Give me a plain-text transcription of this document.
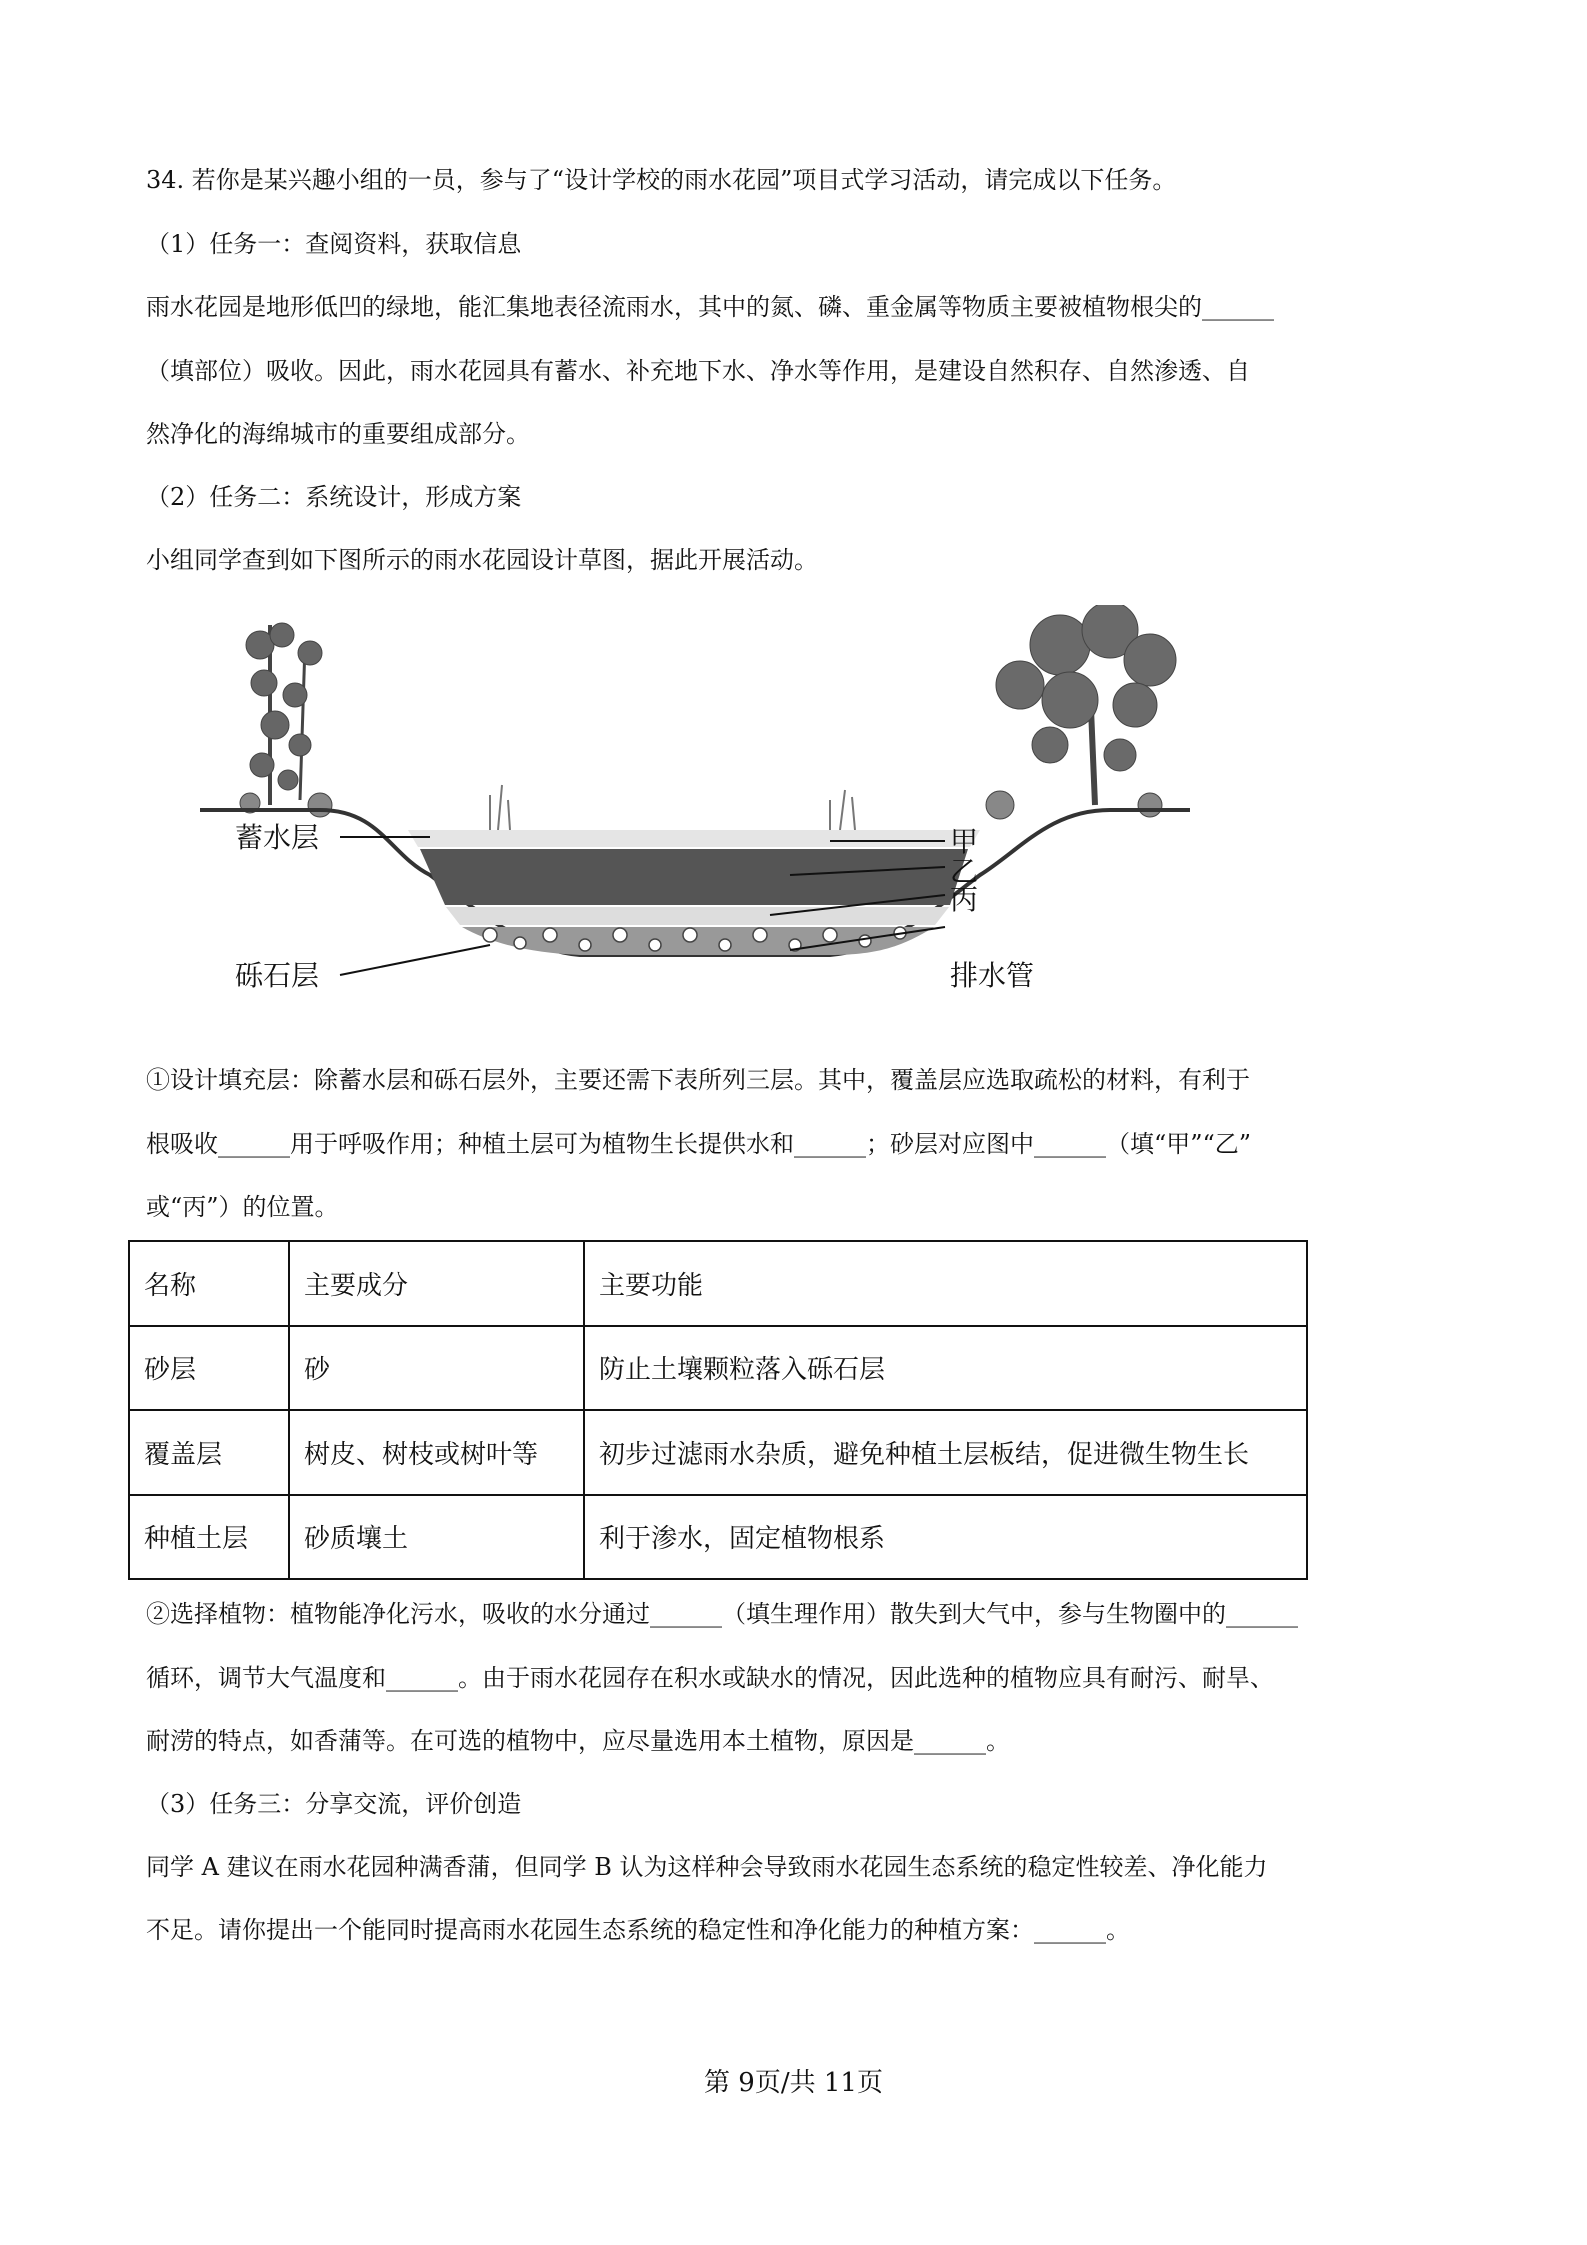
34. 若你是某兴趣小组的一员，参与了“设计学校的雨水花园”项目式学习活动，请完成以下任务。
（1）任务一：查阅资料，获取信息
雨水花园是地形低凹的绿地，能汇集地表径流雨水，其中的氮、磷、重金属等物质主要被植物根尖的______
（填部位）吸收。因此，雨水花园具有蓄水、补充地下水、净水等作用，是建设自然积存、自然渗透、自
然净化的海绵城市的重要组成部分。
（2）任务二：系统设计，形成方案
小组同学查到如下图所示的雨水花园设计草图，据此开展活动。
蓄水层
砾石层
甲
乙
丙
排水管
①设计填充层：除蓄水层和砾石层外，主要还需下表所列三层。其中，覆盖层应选取疏松的材料，有利于
根吸收______用于呼吸作用；种植土层可为植物生长提供水和______；砂层对应图中______（填“甲”“乙”
或“丙”）的位置。
名称	主要成分	主要功能
砂层	砂	防止土壤颗粒落入砾石层
覆盖层	树皮、树枝或树叶等	初步过滤雨水杂质，避免种植土层板结，促进微生物生长
种植土层	砂质壤土	利于渗水，固定植物根系
②选择植物：植物能净化污水，吸收的水分通过______（填生理作用）散失到大气中，参与生物圈中的______
循环，调节大气温度和______。由于雨水花园存在积水或缺水的情况，因此选种的植物应具有耐污、耐旱、
耐涝的特点，如香蒲等。在可选的植物中，应尽量选用本土植物，原因是______。
（3）任务三：分享交流，评价创造
同学 A 建议在雨水花园种满香蒲，但同学 B 认为这样种会导致雨水花园生态系统的稳定性较差、净化能力
不足。请你提出一个能同时提高雨水花园生态系统的稳定性和净化能力的种植方案：______。
第 9页/共 11页
